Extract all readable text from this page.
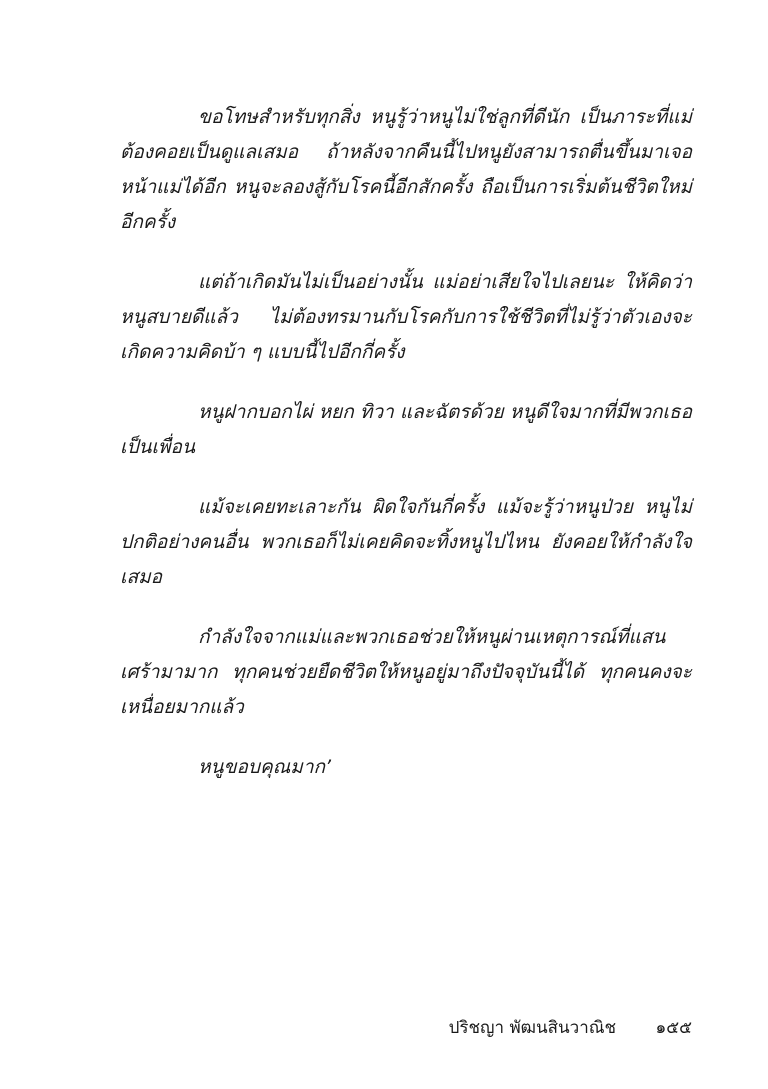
ขอโทษสำหรับทุกสิ่ง หนูรู้ว่าหนูไม่ใช่ลูกที่ดีนัก เป็นภาระที่แม่ต้องคอยเป็นดูแลเสมอ ถ้าหลังจากคืนนี้ไปหนูยังสามารถตื่นขึ้นมาเจอหน้าแม่ได้อีก หนูจะลองสู้กับโรคนี้อีกสักครั้ง ถือเป็นการเริ่มต้นชีวิตใหม่อีกครั้ง

แต่ถ้าเกิดมันไม่เป็นอย่างนั้น แม่อย่าเสียใจไปเลยนะ ให้คิดว่าหนูสบายดีแล้ว ไม่ต้องทรมานกับโรคกับการใช้ชีวิตที่ไม่รู้ว่าตัวเองจะเกิดความคิดบ้า ๆ แบบนี้ไปอีกกี่ครั้ง

หนูฝากบอกไผ่ หยก ทิวา และฉัตรด้วย หนูดีใจมากที่มีพวกเธอเป็นเพื่อน

แม้จะเคยทะเลาะกัน ผิดใจกันกี่ครั้ง แม้จะรู้ว่าหนูป่วย หนูไม่ปกติอย่างคนอื่น พวกเธอก็ไม่เคยคิดจะทิ้งหนูไปไหน ยังคอยให้กำลังใจเสมอ

กำลังใจจากแม่และพวกเธอช่วยให้หนูผ่านเหตุการณ์ที่แสนเศร้ามามาก ทุกคนช่วยยืดชีวิตให้หนูอยู่มาถึงปัจจุบันนี้ได้ ทุกคนคงจะเหนื่อยมากแล้ว

หนูขอบคุณมาก’

ปริชญา พัฒนสินวาณิช ๑๕๕
